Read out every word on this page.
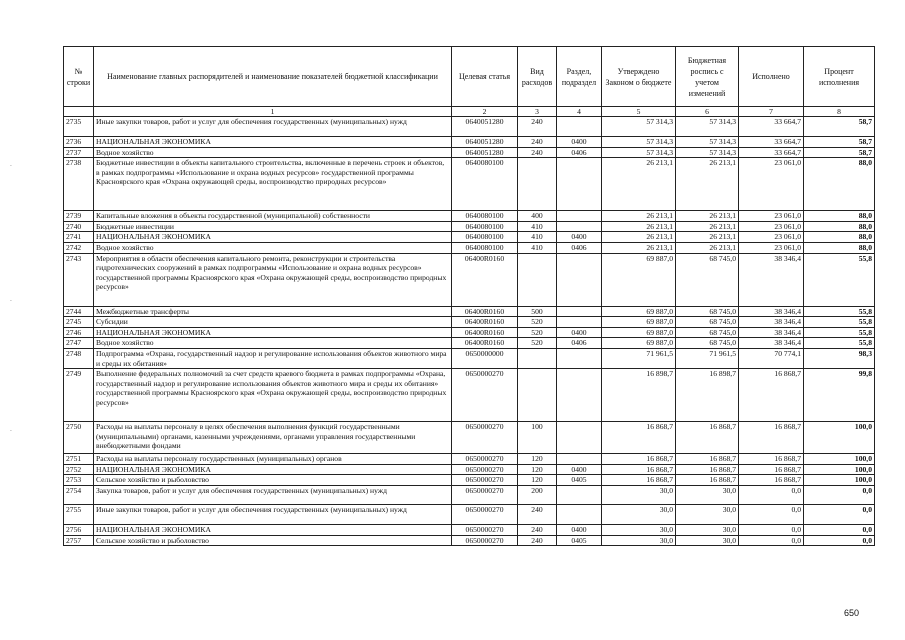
№ строки	Наименование главных распорядителей и наименование показателей бюджетной классификации	Целевая статья	Вид расходов	Раздел, подраздел	Утверждено Законом о бюджете	Бюджетная роспись с учетом изменений	Исполнено	Процент исполнения
	1	2	3	4	5	6	7	8
2735	Иные закупки товаров, работ и услуг для обеспечения государственных (муниципальных) нужд	0640051280	240		57 314,3	57 314,3	33 664,7	58,7
2736	НАЦИОНАЛЬНАЯ ЭКОНОМИКА	0640051280	240	0400	57 314,3	57 314,3	33 664,7	58,7
2737	Водное хозяйство	0640051280	240	0406	57 314,3	57 314,3	33 664,7	58,7
2738	Бюджетные инвестиции в объекты капитального строительства, включенные в перечень строек и объектов, в рамках подпрограммы «Использование и охрана водных ресурсов» государственной программы Красноярского края «Охрана окружающей среды, воспроизводство природных ресурсов»	0640080100			26 213,1	26 213,1	23 061,0	88,0
2739	Капитальные вложения в объекты государственной (муниципальной) собственности	0640080100	400		26 213,1	26 213,1	23 061,0	88,0
2740	Бюджетные инвестиции	0640080100	410		26 213,1	26 213,1	23 061,0	88,0
2741	НАЦИОНАЛЬНАЯ ЭКОНОМИКА	0640080100	410	0400	26 213,1	26 213,1	23 061,0	88,0
2742	Водное хозяйство	0640080100	410	0406	26 213,1	26 213,1	23 061,0	88,0
2743	Мероприятия в области обеспечения капитального ремонта, реконструкции и строительства гидротехнических сооружений в рамках подпрограммы «Использование и охрана водных ресурсов» государственной программы Красноярского края «Охрана окружающей среды, воспроизводство природных ресурсов»	06400R0160			69 887,0	68 745,0	38 346,4	55,8
2744	Межбюджетные трансферты	06400R0160	500		69 887,0	68 745,0	38 346,4	55,8
2745	Субсидии	06400R0160	520		69 887,0	68 745,0	38 346,4	55,8
2746	НАЦИОНАЛЬНАЯ ЭКОНОМИКА	06400R0160	520	0400	69 887,0	68 745,0	38 346,4	55,8
2747	Водное хозяйство	06400R0160	520	0406	69 887,0	68 745,0	38 346,4	55,8
2748	Подпрограмма «Охрана, государственный надзор и регулирование использования объектов животного мира и среды их обитания»	0650000000			71 961,5	71 961,5	70 774,1	98,3
2749	Выполнение федеральных полномочий за счет средств краевого бюджета в рамках подпрограммы «Охрана, государственный надзор и регулирование использования объектов животного мира и среды их обитания» государственной программы Красноярского края «Охрана окружающей среды, воспроизводство природных ресурсов»	0650000270			16 898,7	16 898,7	16 868,7	99,8
2750	Расходы на выплаты персоналу в целях обеспечения выполнения функций государственными (муниципальными) органами, казенными учреждениями, органами управления государственными внебюджетными фондами	0650000270	100		16 868,7	16 868,7	16 868,7	100,0
2751	Расходы на выплаты персоналу государственных (муниципальных) органов	0650000270	120		16 868,7	16 868,7	16 868,7	100,0
2752	НАЦИОНАЛЬНАЯ ЭКОНОМИКА	0650000270	120	0400	16 868,7	16 868,7	16 868,7	100,0
2753	Сельское хозяйство и рыболовство	0650000270	120	0405	16 868,7	16 868,7	16 868,7	100,0
2754	Закупка товаров, работ и услуг для обеспечения государственных (муниципальных) нужд	0650000270	200		30,0	30,0	0,0	0,0
2755	Иные закупки товаров, работ и услуг для обеспечения государственных (муниципальных) нужд	0650000270	240		30,0	30,0	0,0	0,0
2756	НАЦИОНАЛЬНАЯ ЭКОНОМИКА	0650000270	240	0400	30,0	30,0	0,0	0,0
2757	Сельское хозяйство и рыболовство	0650000270	240	0405	30,0	30,0	0,0	0,0
650
·
·
·
